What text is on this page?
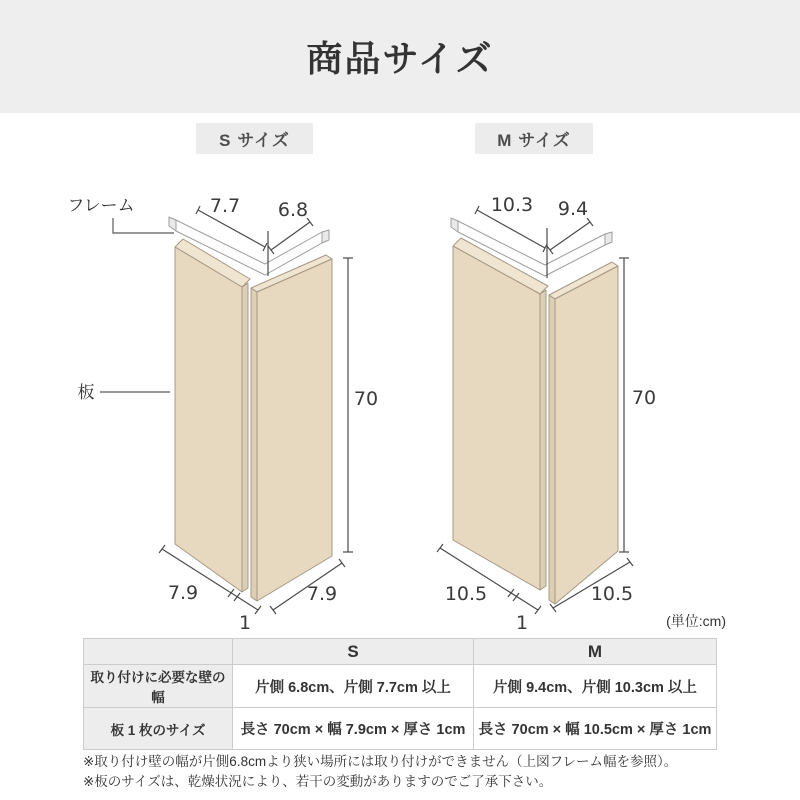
商品サイズ
S サイズ	M サイズ
フレーム
板
7.7 6.8
70
7.9
1
7.9
10.3 9.4
70
10.5
1
10.5
(単位:cm)
	S	M
取り付けに必要な壁の幅	片側 6.8cm、片側 7.7cm 以上	片側 9.4cm、片側 10.3cm 以上
板 1 枚のサイズ	長さ 70cm × 幅 7.9cm × 厚さ 1cm	長さ 70cm × 幅 10.5cm × 厚さ 1cm

※取り付け壁の幅が片側6.8cmより狭い場所には取り付けができません（上図フレーム幅を参照）。

※板のサイズは、乾燥状況により、若干の変動がありますのでご了承下さい。
